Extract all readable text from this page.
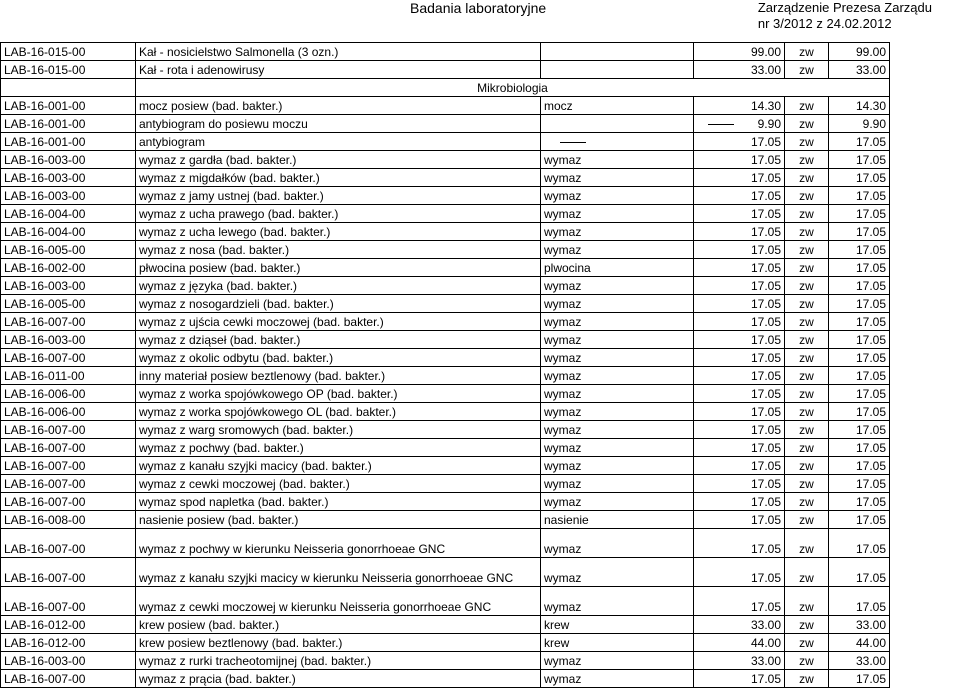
Badania laboratoryjne	Zarządzenie Prezesa Zarządu
nr 3/2012 z 24.02.2012
LAB-16-015-00	Kał - nosicielstwo Salmonella (3 ozn.)		99.00	zw	99.00
LAB-16-015-00	Kał - rota i adenowirusy		33.00	zw	33.00
	Mikrobiologia				
LAB-16-001-00	mocz posiew (bad. bakter.)	mocz	14.30	zw	14.30
LAB-16-001-00	antybiogram do posiewu moczu		9.90	zw	9.90
LAB-16-001-00	antybiogram		17.05	zw	17.05
LAB-16-003-00	wymaz z gardła (bad. bakter.)	wymaz	17.05	zw	17.05
LAB-16-003-00	wymaz z migdałków (bad. bakter.)	wymaz	17.05	zw	17.05
LAB-16-003-00	wymaz z jamy ustnej (bad. bakter.)	wymaz	17.05	zw	17.05
LAB-16-004-00	wymaz z ucha prawego (bad. bakter.)	wymaz	17.05	zw	17.05
LAB-16-004-00	wymaz z ucha lewego (bad. bakter.)	wymaz	17.05	zw	17.05
LAB-16-005-00	wymaz z nosa (bad. bakter.)	wymaz	17.05	zw	17.05
LAB-16-002-00	płwocina posiew (bad. bakter.)	plwocina	17.05	zw	17.05
LAB-16-003-00	wymaz z języka (bad. bakter.)	wymaz	17.05	zw	17.05
LAB-16-005-00	wymaz z nosogardzieli (bad. bakter.)	wymaz	17.05	zw	17.05
LAB-16-007-00	wymaz z ujścia cewki moczowej (bad. bakter.)	wymaz	17.05	zw	17.05
LAB-16-003-00	wymaz z dziąseł (bad. bakter.)	wymaz	17.05	zw	17.05
LAB-16-007-00	wymaz z okolic odbytu (bad. bakter.)	wymaz	17.05	zw	17.05
LAB-16-011-00	inny materiał posiew beztlenowy (bad. bakter.)	wymaz	17.05	zw	17.05
LAB-16-006-00	wymaz z worka spojówkowego OP (bad. bakter.)	wymaz	17.05	zw	17.05
LAB-16-006-00	wymaz z worka spojówkowego OL (bad. bakter.)	wymaz	17.05	zw	17.05
LAB-16-007-00	wymaz z warg sromowych (bad. bakter.)	wymaz	17.05	zw	17.05
LAB-16-007-00	wymaz z pochwy (bad. bakter.)	wymaz	17.05	zw	17.05
LAB-16-007-00	wymaz z kanału szyjki macicy (bad. bakter.)	wymaz	17.05	zw	17.05
LAB-16-007-00	wymaz z cewki moczowej (bad. bakter.)	wymaz	17.05	zw	17.05
LAB-16-007-00	wymaz spod napletka (bad. bakter.)	wymaz	17.05	zw	17.05
LAB-16-008-00	nasienie posiew (bad. bakter.)	nasienie	17.05	zw	17.05
LAB-16-007-00	wymaz z pochwy w kierunku Neisseria gonorrhoeae GNC	wymaz	17.05	zw	17.05
LAB-16-007-00	wymaz z kanału szyjki macicy w kierunku Neisseria gonorrhoeae GNC	wymaz	17.05	zw	17.05
LAB-16-007-00	wymaz z cewki moczowej w kierunku Neisseria gonorrhoeae GNC	wymaz	17.05	zw	17.05
LAB-16-012-00	krew posiew (bad. bakter.)	krew	33.00	zw	33.00
LAB-16-012-00	krew posiew beztlenowy (bad. bakter.)	krew	44.00	zw	44.00
LAB-16-003-00	wymaz z rurki tracheotomijnej (bad. bakter.)	wymaz	33.00	zw	33.00
LAB-16-007-00	wymaz z prącia (bad. bakter.)	wymaz	17.05	zw	17.05
